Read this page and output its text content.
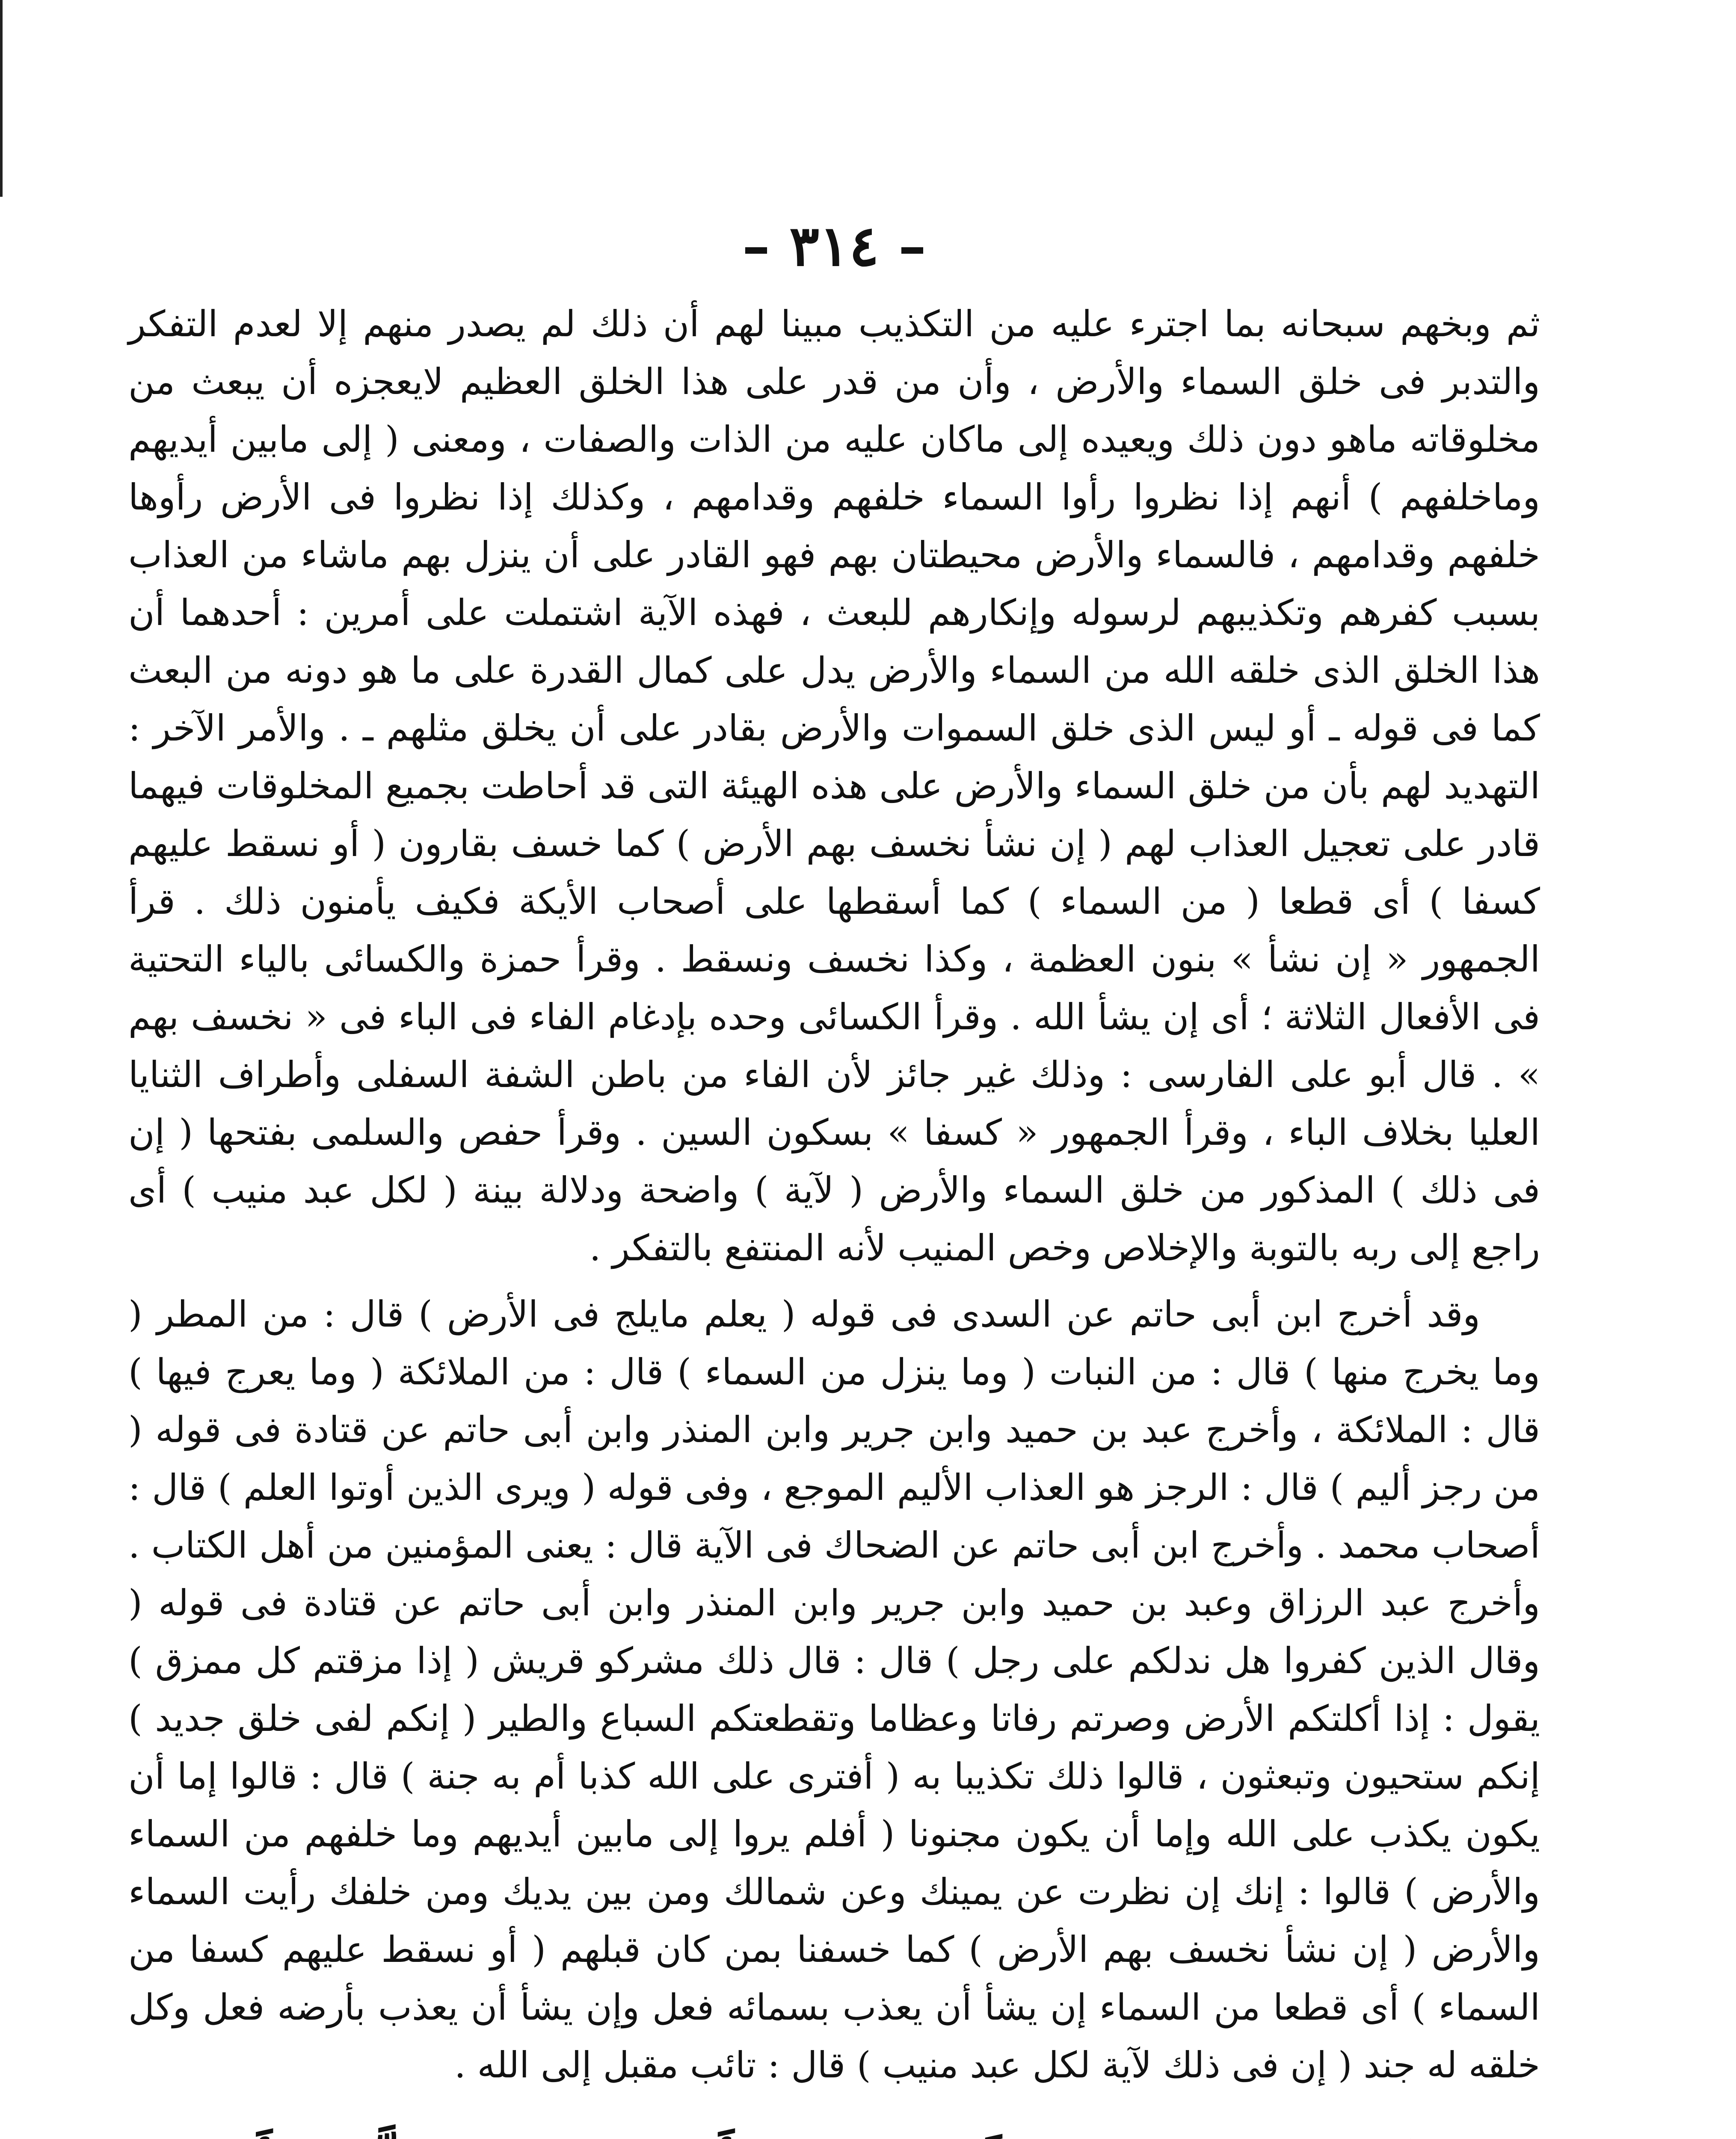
– ٣١٤ –

ثم وبخهم سبحانه بما اجترء عليه من التكذيب مبينا لهم أن ذلك لم يصدر منهم إلا لعدم التفكر والتدبر فى خلق السماء والأرض ، وأن من قدر على هذا الخلق العظيم لايعجزه أن يبعث من مخلوقاته ماهو دون ذلك ويعيده إلى ماكان عليه من الذات والصفات ، ومعنى ( إلى مابين أيديهم وماخلفهم ) أنهم إذا نظروا رأوا السماء خلفهم وقدامهم ، وكذلك إذا نظروا فى الأرض رأوها خلفهم وقدامهم ، فالسماء والأرض محيطتان بهم فهو القادر على أن ينزل بهم ماشاء من العذاب بسبب كفرهم وتكذيبهم لرسوله وإنكارهم للبعث ، فهذه الآية اشتملت على أمرين : أحدهما أن هذا الخلق الذى خلقه الله من السماء والأرض يدل على كمال القدرة على ما هو دونه من البعث كما فى قوله ـ أو ليس الذى خلق السموات والأرض بقادر على أن يخلق مثلهم ـ . والأمر الآخر : التهديد لهم بأن من خلق السماء والأرض على هذه الهيئة التى قد أحاطت بجميع المخلوقات فيهما قادر على تعجيل العذاب لهم ( إن نشأ نخسف بهم الأرض ) كما خسف بقارون ( أو نسقط عليهم كسفا ) أى قطعا ( من السماء ) كما أسقطها على أصحاب الأيكة فكيف يأمنون ذلك . قرأ الجمهور « إن نشأ » بنون العظمة ، وكذا نخسف ونسقط . وقرأ حمزة والكسائى بالياء التحتية فى الأفعال الثلاثة ؛ أى إن يشأ الله . وقرأ الكسائى وحده بإدغام الفاء فى الباء فى « نخسف بهم » . قال أبو على الفارسى : وذلك غير جائز لأن الفاء من باطن الشفة السفلى وأطراف الثنايا العليا بخلاف الباء ، وقرأ الجمهور « كسفا » بسكون السين . وقرأ حفص والسلمى بفتحها ( إن فى ذلك ) المذكور من خلق السماء والأرض ( لآية ) واضحة ودلالة بينة ( لكل عبد منيب ) أى راجع إلى ربه بالتوبة والإخلاص وخص المنيب لأنه المنتفع بالتفكر .

وقد أخرج ابن أبى حاتم عن السدى فى قوله ( يعلم مايلج فى الأرض ) قال : من المطر ( وما يخرج منها ) قال : من النبات ( وما ينزل من السماء ) قال : من الملائكة ( وما يعرج فيها ) قال : الملائكة ، وأخرج عبد بن حميد وابن جرير وابن المنذر وابن أبى حاتم عن قتادة فى قوله ( من رجز أليم ) قال : الرجز هو العذاب الأليم الموجع ، وفى قوله ( ويرى الذين أوتوا العلم ) قال : أصحاب محمد . وأخرج ابن أبى حاتم عن الضحاك فى الآية قال : يعنى المؤمنين من أهل الكتاب . وأخرج عبد الرزاق وعبد بن حميد وابن جرير وابن المنذر وابن أبى حاتم عن قتادة فى قوله ( وقال الذين كفروا هل ندلكم على رجل ) قال : قال ذلك مشركو قريش ( إذا مزقتم كل ممزق ) يقول : إذا أكلتكم الأرض وصرتم رفاتا وعظاما وتقطعتكم السباع والطير ( إنكم لفى خلق جديد ) إنكم ستحيون وتبعثون ، قالوا ذلك تكذيبا به ( أفترى على الله كذبا أم به جنة ) قال : قالوا إما أن يكون يكذب على الله وإما أن يكون مجنونا ( أفلم يروا إلى مابين أيديهم وما خلفهم من السماء والأرض ) قالوا : إنك إن نظرت عن يمينك وعن شمالك ومن بين يديك ومن خلفك رأيت السماء والأرض ( إن نشأ نخسف بهم الأرض ) كما خسفنا بمن كان قبلهم ( أو نسقط عليهم كسفا من السماء ) أى قطعا من السماء إن يشأ أن يعذب بسمائه فعل وإن يشأ أن يعذب بأرضه فعل وكل خلقه له جند ( إن فى ذلك لآية لكل عبد منيب ) قال : تائب مقبل إلى الله .
